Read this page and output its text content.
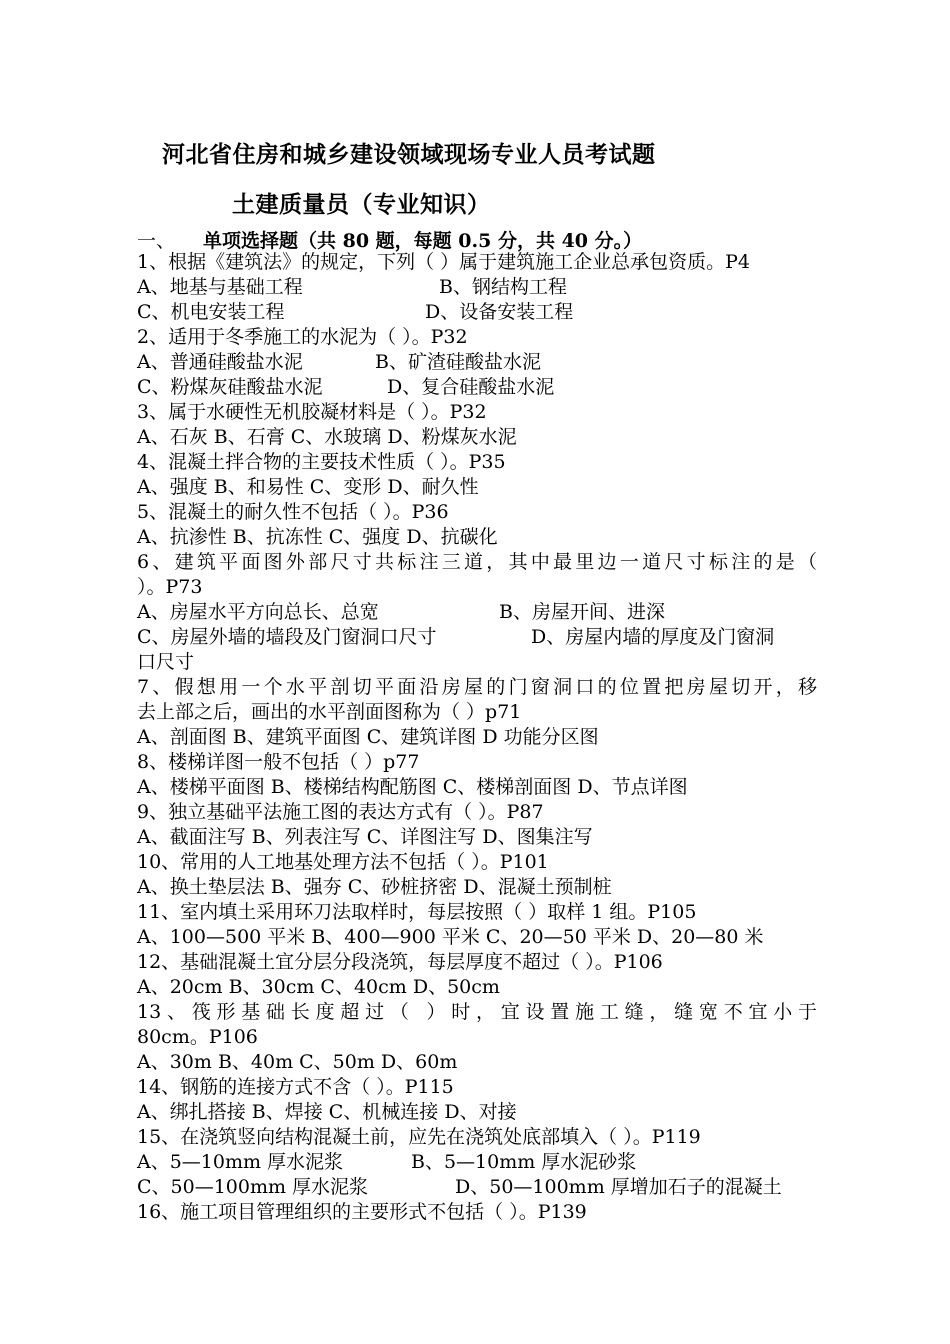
河北省住房和城乡建设领域现场专业人员考试题
土建质量员（专业知识）
一、 单项选择题（共 80 题，每题 0.5 分，共 40 分。）
1、根据《建筑法》的规定，下列（ ）属于建筑施工企业总承包资质。P4
A、地基与基础工程	B、钢结构工程
C、机电安装工程	D、设备安装工程
2、适用于冬季施工的水泥为（ ）。P32
A、普通硅酸盐水泥	B、矿渣硅酸盐水泥
C、粉煤灰硅酸盐水泥	D、复合硅酸盐水泥
3、属于水硬性无机胶凝材料是（ ）。P32
A、石灰 B、石膏 C、水玻璃 D、粉煤灰水泥
4、混凝土拌合物的主要技术性质（ ）。P35
A、强度 B、和易性 C、变形 D、耐久性
5、混凝土的耐久性不包括（ ）。P36
A、抗渗性 B、抗冻性 C、强度 D、抗碳化
6、建筑平面图外部尺寸共标注三道，其中最里边一道尺寸标注的是（
）。P73
A、房屋水平方向总长、总宽	B、房屋开间、进深
C、房屋外墙的墙段及门窗洞口尺寸	D、房屋内墙的厚度及门窗洞
口尺寸
7、假想用一个水平剖切平面沿房屋的门窗洞口的位置把房屋切开，移
去上部之后，画出的水平剖面图称为（ ）p71
A、剖面图 B、建筑平面图 C、建筑详图 D 功能分区图
8、楼梯详图一般不包括（ ）p77
A、楼梯平面图 B、楼梯结构配筋图 C、楼梯剖面图 D、节点详图
9、独立基础平法施工图的表达方式有（ ）。P87
A、截面注写 B、列表注写 C、详图注写 D、图集注写
10、常用的人工地基处理方法不包括（ ）。P101
A、换土垫层法 B、强夯 C、砂桩挤密 D、混凝土预制桩
11、室内填土采用环刀法取样时，每层按照（ ）取样 1 组。P105
A、100—500 平米 B、400—900 平米 C、20—50 平米 D、20—80 米
12、基础混凝土宜分层分段浇筑，每层厚度不超过（ ）。P106
A、20cm B、30cm C、40cm D、50cm
13、筏形基础长度超过（ ）时，宜设置施工缝，缝宽不宜小于
80cm。P106
A、30m B、40m C、50m D、60m
14、钢筋的连接方式不含（ ）。P115
A、绑扎搭接 B、焊接 C、机械连接 D、对接
15、在浇筑竖向结构混凝土前，应先在浇筑处底部填入（ ）。P119
A、5—10mm 厚水泥浆	B、5—10mm 厚水泥砂浆
C、50—100mm 厚水泥浆	D、50—100mm 厚增加石子的混凝土
16、施工项目管理组织的主要形式不包括（ ）。P139
